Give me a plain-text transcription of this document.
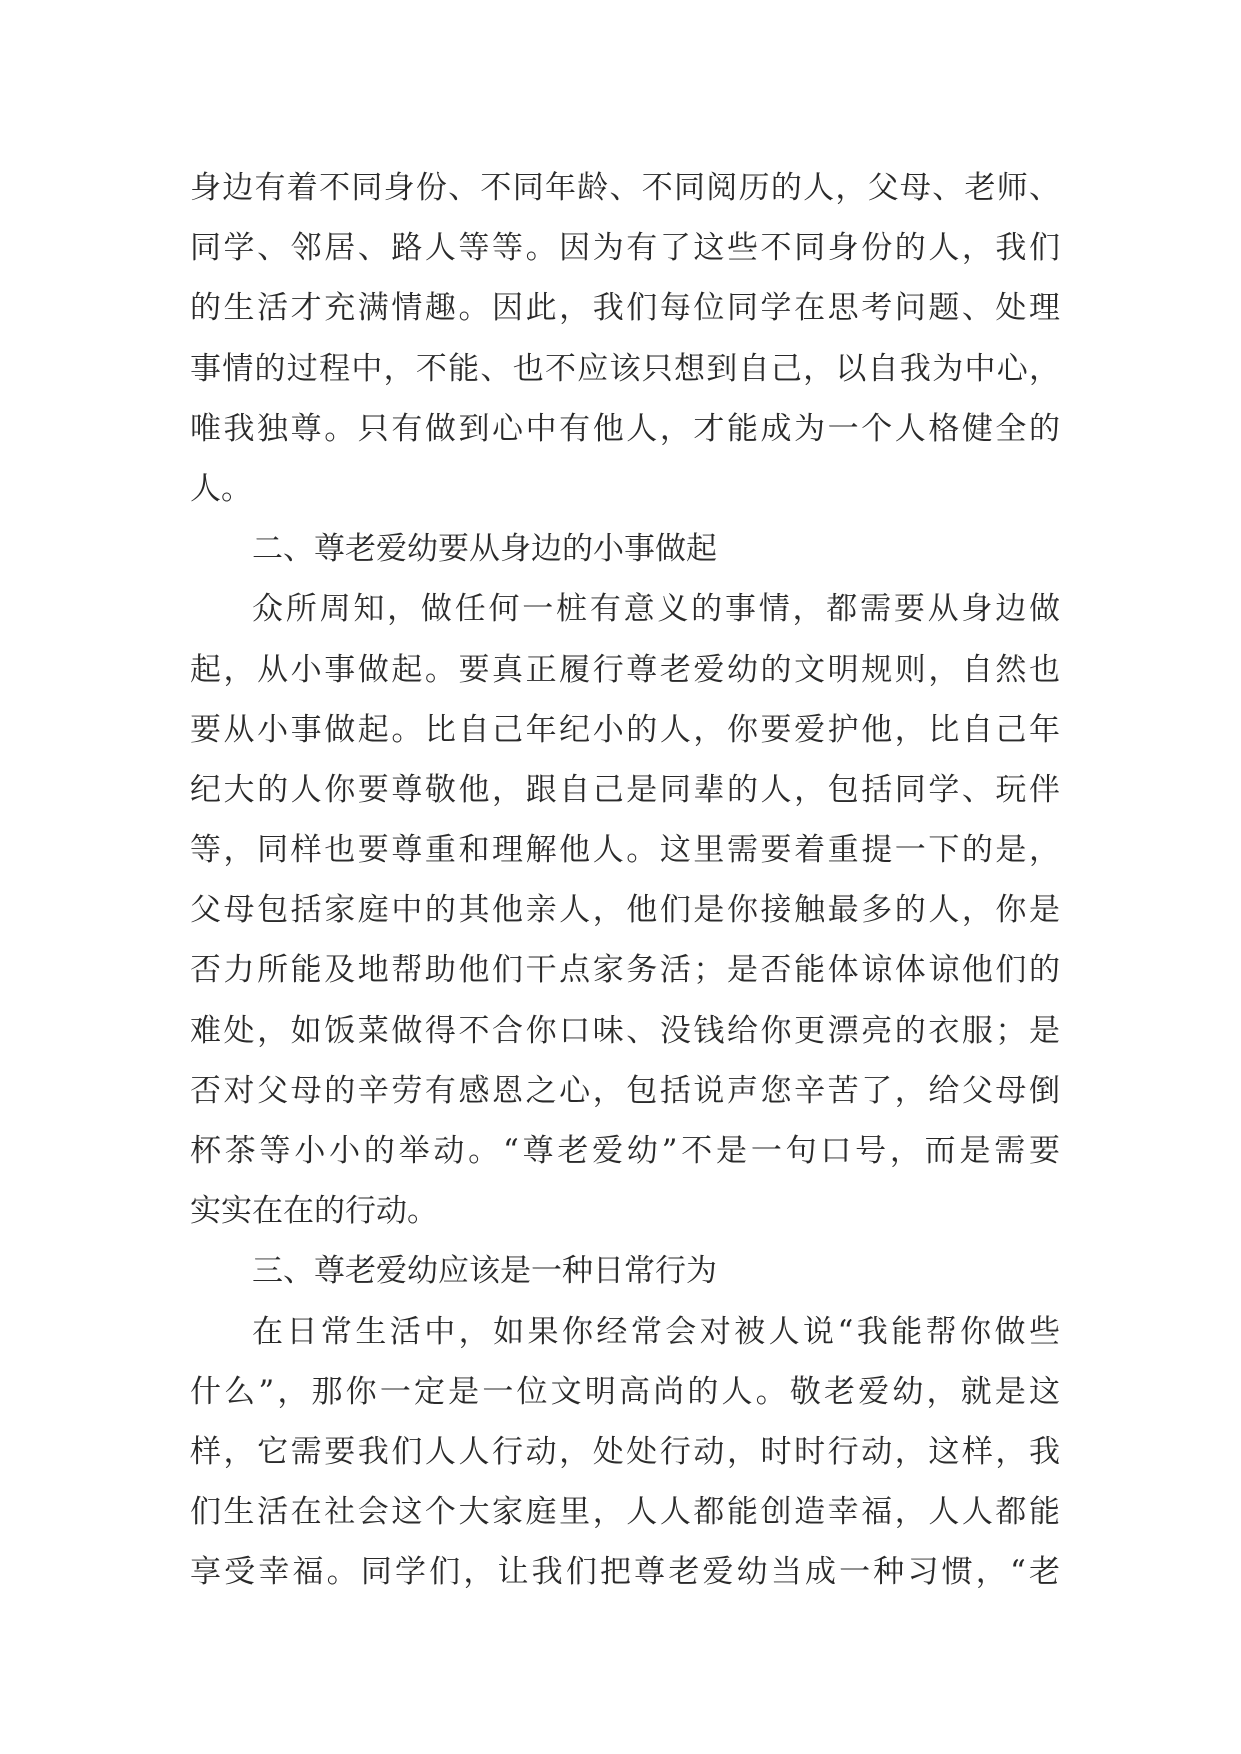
身边有着不同身份、不同年龄、不同阅历的人，父母、老师、
同学、邻居、路人等等。因为有了这些不同身份的人，我们
的生活才充满情趣。因此，我们每位同学在思考问题、处理
事情的过程中，不能、也不应该只想到自己，以自我为中心，
唯我独尊。只有做到心中有他人，才能成为一个人格健全的
人。
二、尊老爱幼要从身边的小事做起
众所周知，做任何一桩有意义的事情，都需要从身边做
起，从小事做起。要真正履行尊老爱幼的文明规则，自然也
要从小事做起。比自己年纪小的人，你要爱护他，比自己年
纪大的人你要尊敬他，跟自己是同辈的人，包括同学、玩伴
等，同样也要尊重和理解他人。这里需要着重提一下的是，
父母包括家庭中的其他亲人，他们是你接触最多的人，你是
否力所能及地帮助他们干点家务活；是否能体谅体谅他们的
难处，如饭菜做得不合你口味、没钱给你更漂亮的衣服；是
否对父母的辛劳有感恩之心，包括说声您辛苦了，给父母倒
杯茶等小小的举动。“尊老爱幼”不是一句口号，而是需要
实实在在的行动。
三、尊老爱幼应该是一种日常行为
在日常生活中，如果你经常会对被人说“我能帮你做些
什么”，那你一定是一位文明高尚的人。敬老爱幼，就是这
样，它需要我们人人行动，处处行动，时时行动，这样，我
们生活在社会这个大家庭里，人人都能创造幸福，人人都能
享受幸福。同学们，让我们把尊老爱幼当成一种习惯，“老
